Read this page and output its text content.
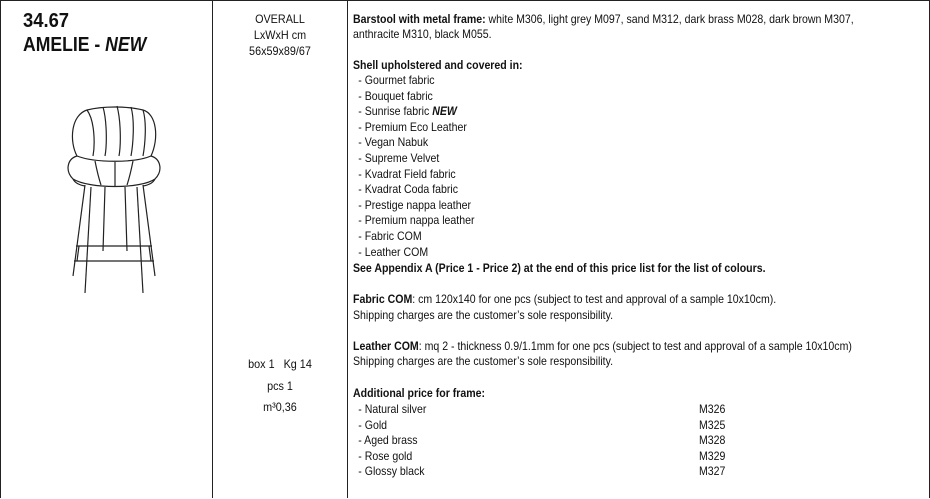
34.67
AMELIE - NEW
OVERALL
LxWxH cm
56x59x89/67
box 1 Kg 14
pcs 1
m³0,36
Barstool with metal frame: white M306, light grey M097, sand M312, dark brass M028, dark brown M307,
anthracite M310, black M055.
Shell upholstered and covered in:
- Gourmet fabric
- Bouquet fabric
- Sunrise fabric NEW
- Premium Eco Leather
- Vegan Nabuk
- Supreme Velvet
- Kvadrat Field fabric
- Kvadrat Coda fabric
- Prestige nappa leather
- Premium nappa leather
- Fabric COM
- Leather COM
See Appendix A (Price 1 - Price 2) at the end of this price list for the list of colours.
Fabric COM: cm 120x140 for one pcs (subject to test and approval of a sample 10x10cm).
Shipping charges are the customer’s sole responsibility.
Leather COM: mq 2 - thickness 0.9/1.1mm for one pcs (subject to test and approval of a sample 10x10cm)
Shipping charges are the customer’s sole responsibility.
Additional price for frame:
- Natural silver
- Gold
- Aged brass
- Rose gold
- Glossy black
M326
M325
M328
M329
M327
